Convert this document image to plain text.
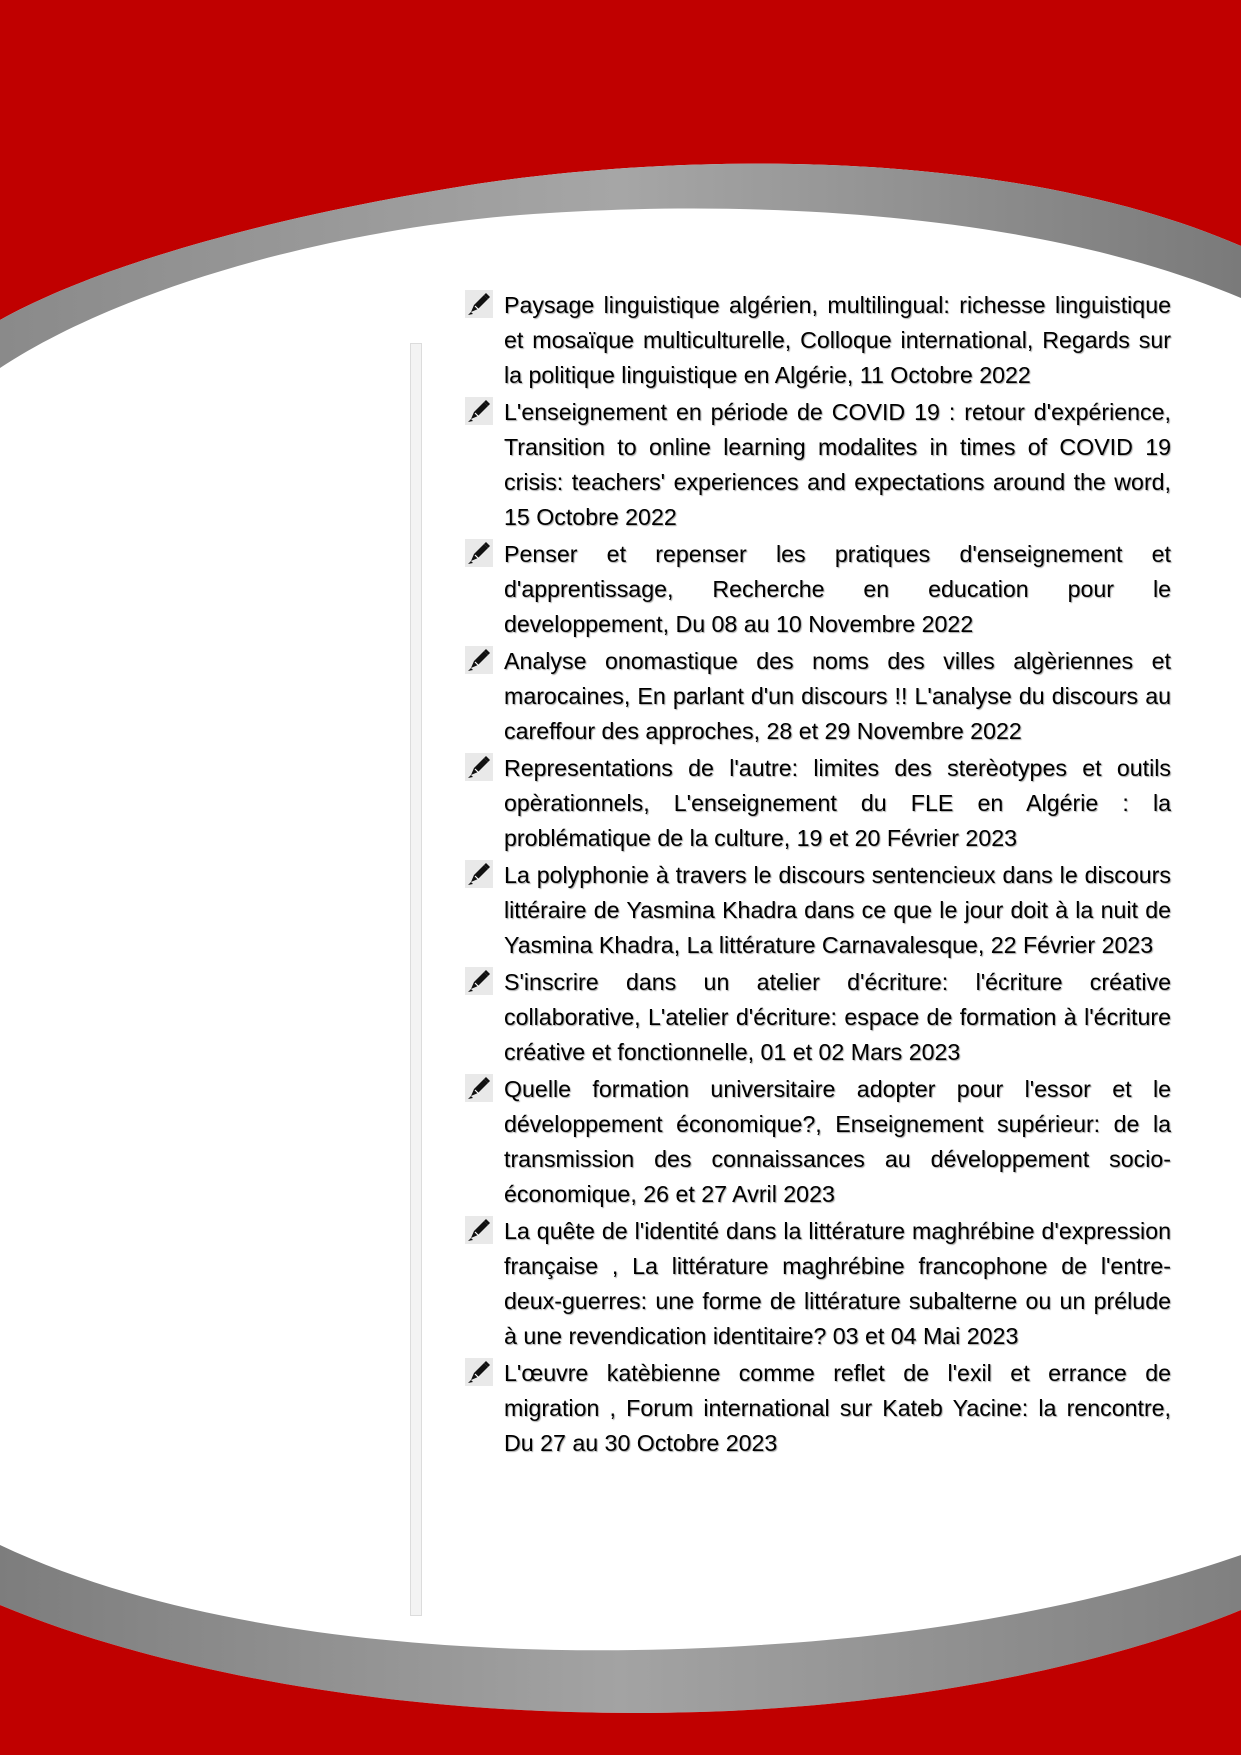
Paysage linguistique algérien, multilingual: richesse linguistique et mosaïque multiculturelle, Colloque international, Regards sur la politique linguistique en Algérie, 11 Octobre 2022
L'enseignement en période de COVID 19 : retour d'expérience, Transition to online learning modalites in times of COVID 19 crisis: teachers' experiences and expectations around the word, 15 Octobre 2022
Penser et repenser les pratiques d'enseignement et d'apprentissage, Recherche en education pour le developpement, Du 08 au 10 Novembre 2022
Analyse onomastique des noms des villes algèriennes et marocaines, En parlant d'un discours !! L'analyse du discours au careffour des approches, 28 et 29 Novembre 2022
Representations de l'autre: limites des sterèotypes et outils opèrationnels, L'enseignement du FLE en Algérie : la problématique de la culture, 19 et 20 Février 2023
La polyphonie à travers le discours sentencieux dans le discours littéraire de Yasmina Khadra dans ce que le jour doit à la nuit de Yasmina Khadra, La littérature Carnavalesque, 22 Février 2023
S'inscrire dans un atelier d'écriture: l'écriture créative collaborative, L'atelier d'écriture: espace de formation à l'écriture créative et fonctionnelle, 01 et 02 Mars 2023
Quelle formation universitaire adopter pour l'essor et le développement économique?, Enseignement supérieur: de la transmission des connaissances au développement socio-économique, 26 et 27 Avril 2023
La quête de l'identité dans la littérature maghrébine d'expression française , La littérature maghrébine francophone de l'entre-deux-guerres: une forme de littérature subalterne ou un prélude à une revendication identitaire? 03 et 04 Mai 2023
L'œuvre katèbienne comme reflet de l'exil et errance de migration , Forum international sur Kateb Yacine: la rencontre, Du 27 au 30 Octobre 2023
